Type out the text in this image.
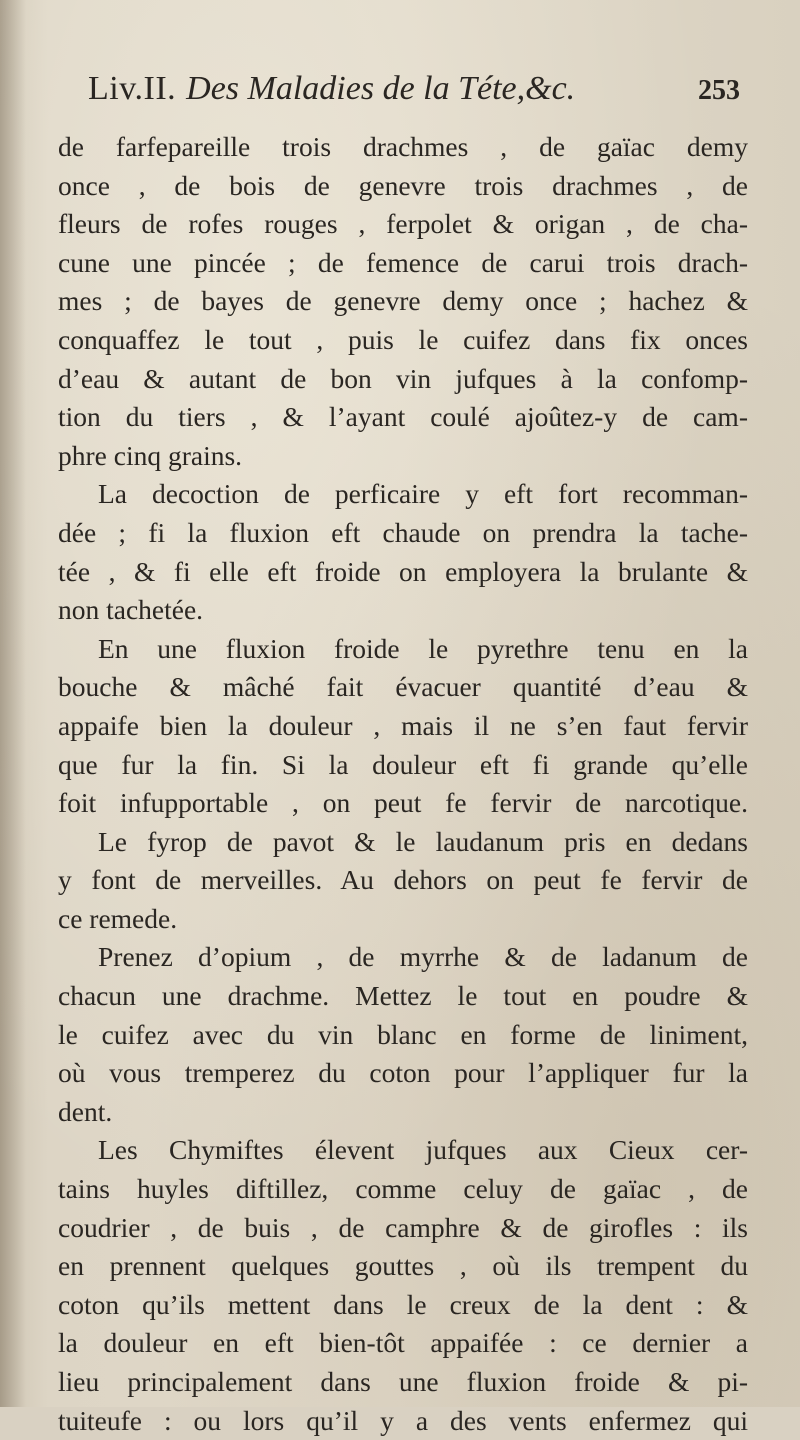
Liv.II. Des Maladies de la Téte,&c.	253
de farfepareille trois drachmes , de gaïac demy
once , de bois de genevre trois drachmes , de
fleurs de rofes rouges , ferpolet & origan , de cha-
cune une pincée ; de femence de carui trois drach-
mes ; de bayes de genevre demy once ; hachez &
conquaffez le tout , puis le cuifez dans fix onces
d’eau & autant de bon vin jufques à la confomp-
tion du tiers , & l’ayant coulé ajoûtez-y de cam-
phre cinq grains.
La decoction de perficaire y eft fort recomman-
dée ; fi la fluxion eft chaude on prendra la tache-
tée , & fi elle eft froide on employera la brulante &
non tachetée.
En une fluxion froide le pyrethre tenu en la
bouche & mâché fait évacuer quantité d’eau &
appaife bien la douleur , mais il ne s’en faut fervir
que fur la fin. Si la douleur eft fi grande qu’elle
foit infupportable , on peut fe fervir de narcotique.
Le fyrop de pavot & le laudanum pris en dedans
y font de merveilles. Au dehors on peut fe fervir de
ce remede.
Prenez d’opium , de myrrhe & de ladanum de
chacun une drachme. Mettez le tout en poudre &
le cuifez avec du vin blanc en forme de liniment,
où vous tremperez du coton pour l’appliquer fur la
dent.
Les Chymiftes élevent jufques aux Cieux cer-
tains huyles diftillez, comme celuy de gaïac , de
coudrier , de buis , de camphre & de girofles : ils
en prennent quelques gouttes , où ils trempent du
coton qu’ils mettent dans le creux de la dent : &
la douleur en eft bien-tôt appaifée : ce dernier a
lieu principalement dans une fluxion froide & pi-
tuiteufe : ou lors qu’il y a des vents enfermez qui
